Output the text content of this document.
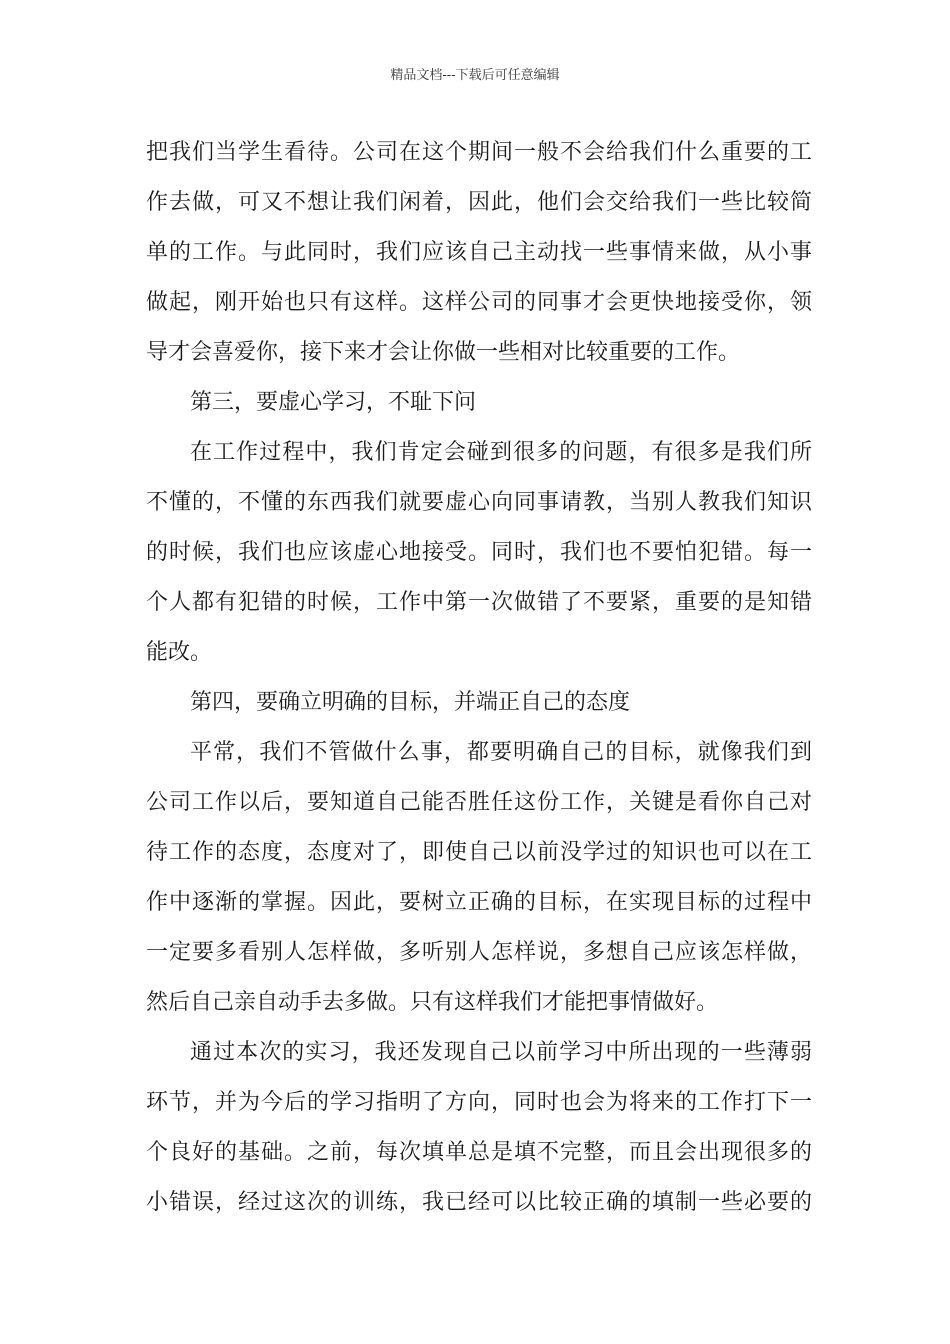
精品文档---下载后可任意编辑
把我们当学生看待。公司在这个期间一般不会给我们什么重要的工
作去做，可又不想让我们闲着，因此，他们会交给我们一些比较简
单的工作。与此同时，我们应该自己主动找一些事情来做，从小事
做起，刚开始也只有这样。这样公司的同事才会更快地接受你，领
导才会喜爱你，接下来才会让你做一些相对比较重要的工作。
第三，要虚心学习，不耻下问
在工作过程中，我们肯定会碰到很多的问题，有很多是我们所
不懂的，不懂的东西我们就要虚心向同事请教，当别人教我们知识
的时候，我们也应该虚心地接受。同时，我们也不要怕犯错。每一
个人都有犯错的时候，工作中第一次做错了不要紧，重要的是知错
能改。
第四，要确立明确的目标，并端正自己的态度
平常，我们不管做什么事，都要明确自己的目标，就像我们到
公司工作以后，要知道自己能否胜任这份工作，关键是看你自己对
待工作的态度，态度对了，即使自己以前没学过的知识也可以在工
作中逐渐的掌握。因此，要树立正确的目标，在实现目标的过程中
一定要多看别人怎样做，多听别人怎样说，多想自己应该怎样做，
然后自己亲自动手去多做。只有这样我们才能把事情做好。
通过本次的实习，我还发现自己以前学习中所出现的一些薄弱
环节，并为今后的学习指明了方向，同时也会为将来的工作打下一
个良好的基础。之前，每次填单总是填不完整，而且会出现很多的
小错误，经过这次的训练，我已经可以比较正确的填制一些必要的
